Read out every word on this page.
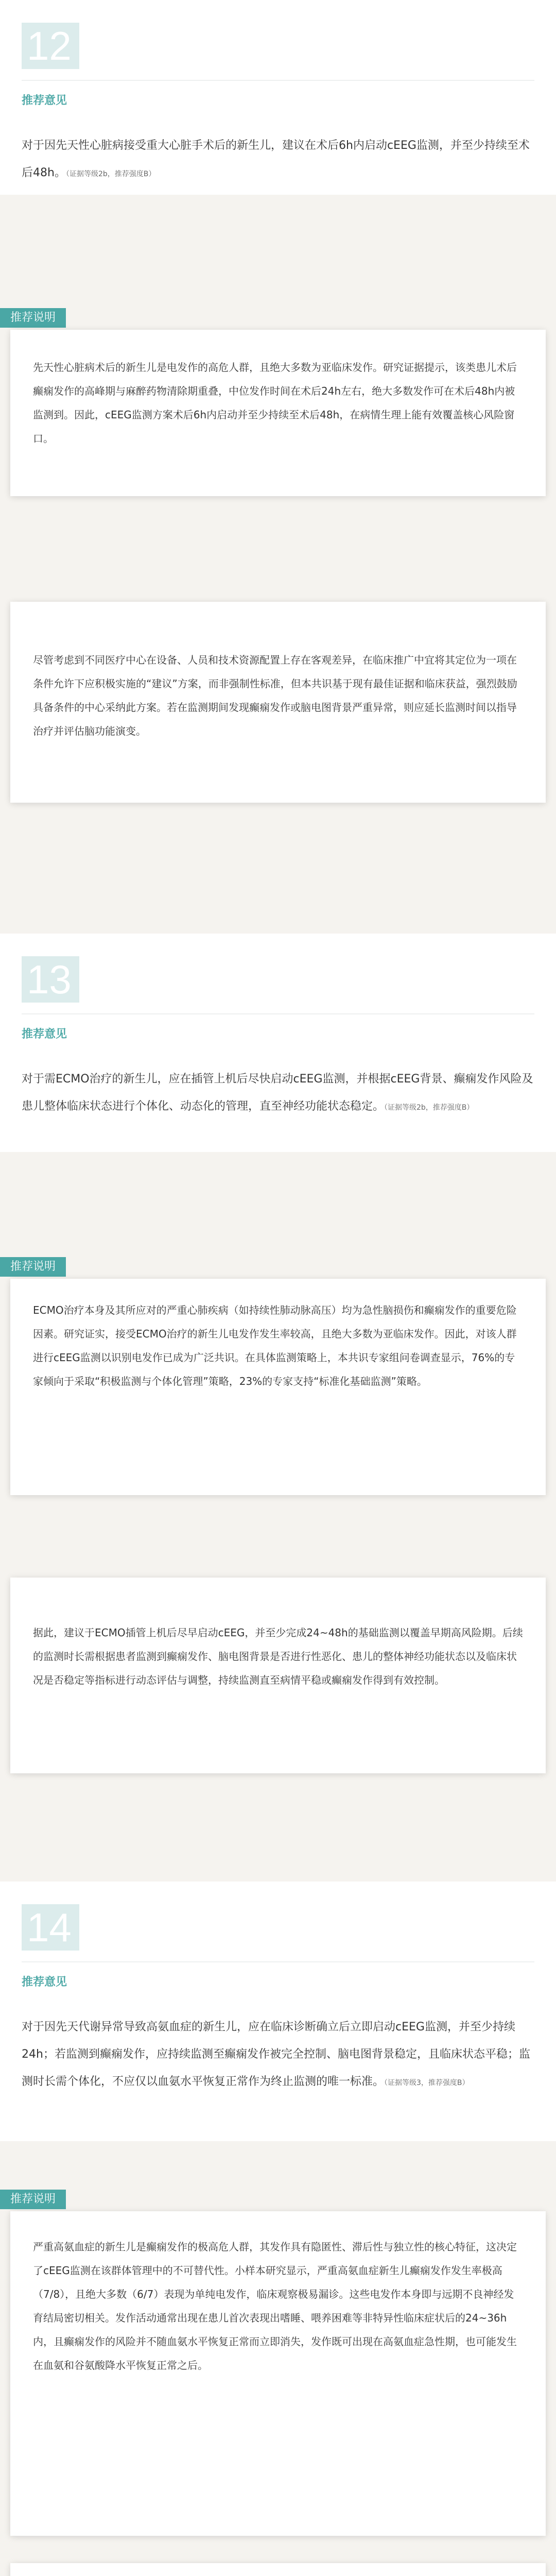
12
推荐意见
对于因先天性心脏病接受重大心脏手术后的新生儿，建议在术后6h内启动cEEG监测，并至少持续至术后48h。（证据等级2b，推荐强度B）
推荐说明
先天性心脏病术后的新生儿是电发作的高危人群，且绝大多数为亚临床发作。研究证据提示，该类患儿术后癫痫发作的高峰期与麻醉药物清除期重叠，中位发作时间在术后24h左右，绝大多数发作可在术后48h内被监测到。因此，cEEG监测方案术后6h内启动并至少持续至术后48h，在病情生理上能有效覆盖核心风险窗口。
尽管考虑到不同医疗中心在设备、人员和技术资源配置上存在客观差异，在临床推广中宜将其定位为一项在条件允许下应积极实施的“建议”方案，而非强制性标准，但本共识基于现有最佳证据和临床获益，强烈鼓励具备条件的中心采纳此方案。若在监测期间发现癫痫发作或脑电图背景严重异常，则应延长监测时间以指导治疗并评估脑功能演变。
13
推荐意见
对于需ECMO治疗的新生儿，应在插管上机后尽快启动cEEG监测，并根据cEEG背景、癫痫发作风险及患儿整体临床状态进行个体化、动态化的管理，直至神经功能状态稳定。（证据等级2b，推荐强度B）
推荐说明
ECMO治疗本身及其所应对的严重心肺疾病（如持续性肺动脉高压）均为急性脑损伤和癫痫发作的重要危险因素。研究证实，接受ECMO治疗的新生儿电发作发生率较高，且绝大多数为亚临床发作。因此，对该人群进行cEEG监测以识别电发作已成为广泛共识。在具体监测策略上，本共识专家组问卷调查显示，76%的专家倾向于采取“积极监测与个体化管理”策略，23%的专家支持“标准化基础监测”策略。
据此，建议于ECMO插管上机后尽早启动cEEG，并至少完成24~48h的基础监测以覆盖早期高风险期。后续的监测时长需根据患者监测到癫痫发作、脑电图背景是否进行性恶化、患儿的整体神经功能状态以及临床状况是否稳定等指标进行动态评估与调整，持续监测直至病情平稳或癫痫发作得到有效控制。
14
推荐意见
对于因先天代谢异常导致高氨血症的新生儿，应在临床诊断确立后立即启动cEEG监测，并至少持续24h；若监测到癫痫发作，应持续监测至癫痫发作被完全控制、脑电图背景稳定，且临床状态平稳；监测时长需个体化，不应仅以血氨水平恢复正常作为终止监测的唯一标准。（证据等级3，推荐强度B）
推荐说明
严重高氨血症的新生儿是癫痫发作的极高危人群，其发作具有隐匿性、滞后性与独立性的核心特征，这决定了cEEG监测在该群体管理中的不可替代性。小样本研究显示，严重高氨血症新生儿癫痫发作发生率极高（7/8），且绝大多数（6/7）表现为单纯电发作，临床观察极易漏诊。这些电发作本身即与远期不良神经发育结局密切相关。发作活动通常出现在患儿首次表现出嗜睡、喂养困难等非特异性临床症状后的24~36h内，且癫痫发作的风险并不随血氨水平恢复正常而立即消失，发作既可出现在高氨血症急性期，也可能发生在血氨和谷氨酸降水平恢复正常之后。
